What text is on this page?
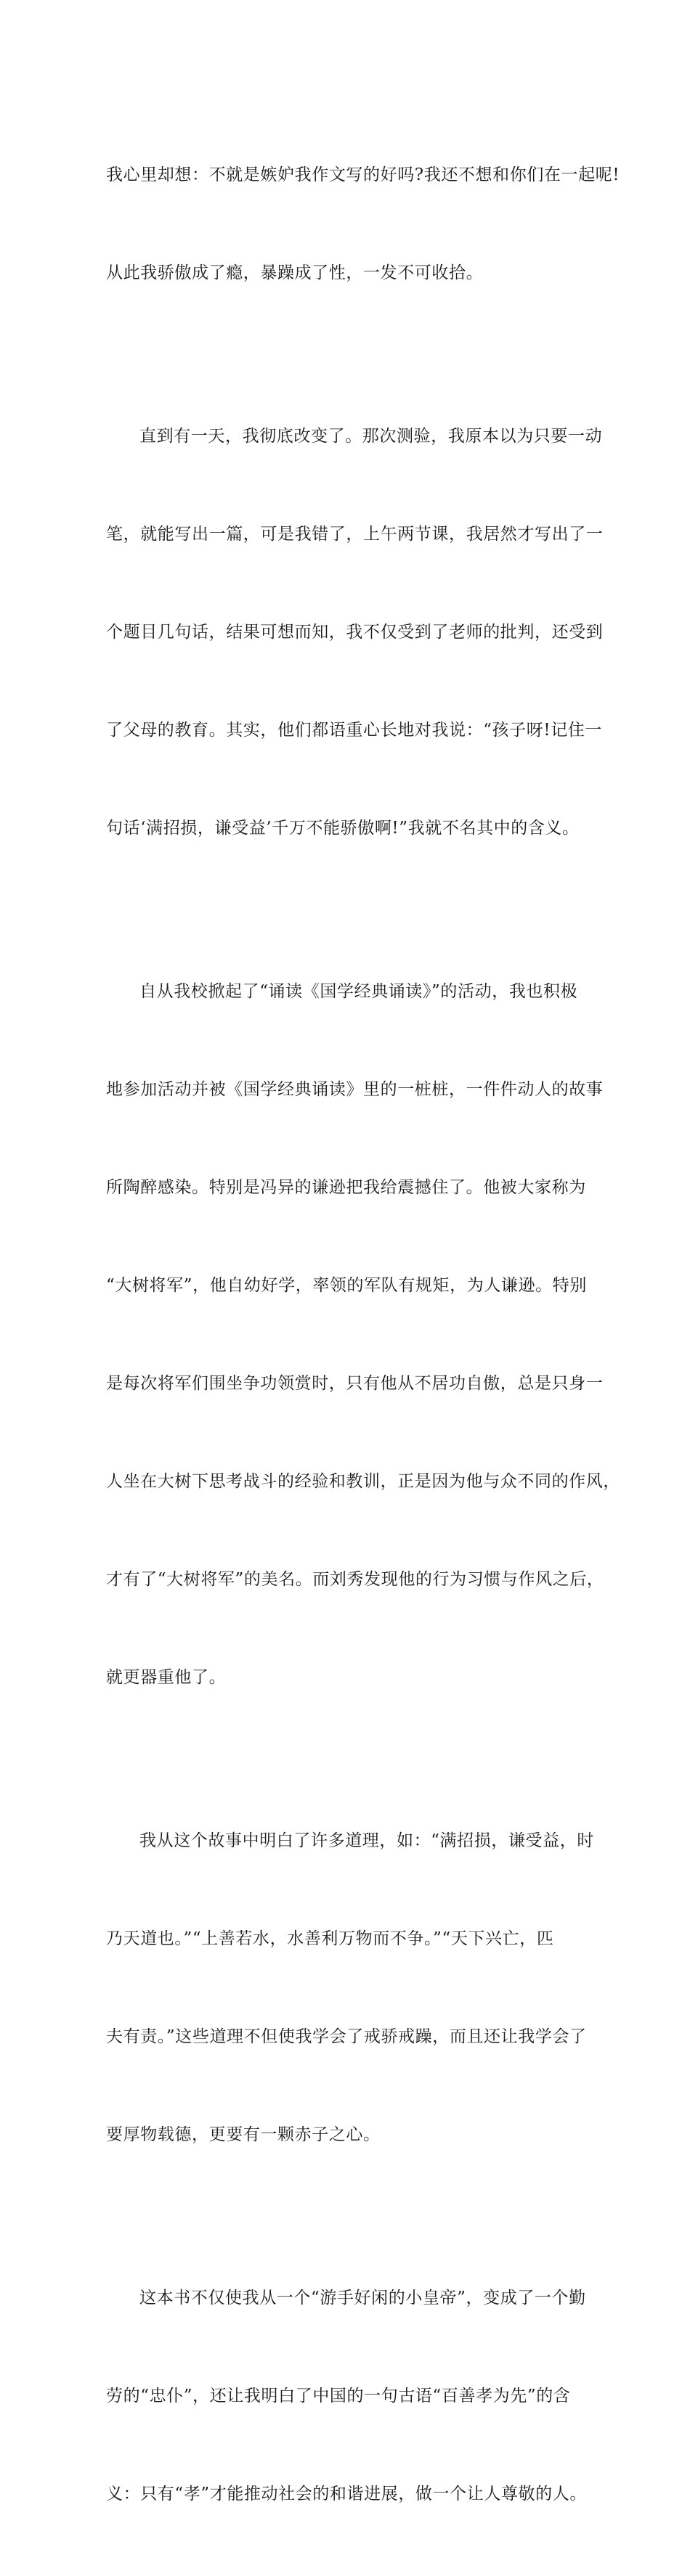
我心里却想：不就是嫉妒我作文写的好吗?我还不想和你们在一起呢!

从此我骄傲成了瘾，暴躁成了性，一发不可收拾。

直到有一天，我彻底改变了。那次测验，我原本以为只要一动

笔，就能写出一篇，可是我错了，上午两节课，我居然才写出了一

个题目几句话，结果可想而知，我不仅受到了老师的批判，还受到

了父母的教育。其实，他们都语重心长地对我说：“孩子呀!记住一

句话‘满招损，谦受益’千万不能骄傲啊!”我就不名其中的含义。

自从我校掀起了“诵读《国学经典诵读》”的活动，我也积极

地参加活动并被《国学经典诵读》里的一桩桩，一件件动人的故事

所陶醉感染。特别是冯异的谦逊把我给震撼住了。他被大家称为

“大树将军”，他自幼好学，率领的军队有规矩，为人谦逊。特别

是每次将军们围坐争功领赏时，只有他从不居功自傲，总是只身一

人坐在大树下思考战斗的经验和教训，正是因为他与众不同的作风，

才有了“大树将军”的美名。而刘秀发现他的行为习惯与作风之后，

就更器重他了。

我从这个故事中明白了许多道理，如：“满招损，谦受益，时

乃天道也。”“上善若水，水善利万物而不争。”“天下兴亡，匹

夫有责。”这些道理不但使我学会了戒骄戒躁，而且还让我学会了

要厚物载德，更要有一颗赤子之心。

这本书不仅使我从一个“游手好闲的小皇帝”，变成了一个勤

劳的“忠仆”，还让我明白了中国的一句古语“百善孝为先”的含

义：只有“孝”才能推动社会的和谐进展，做一个让人尊敬的人。
